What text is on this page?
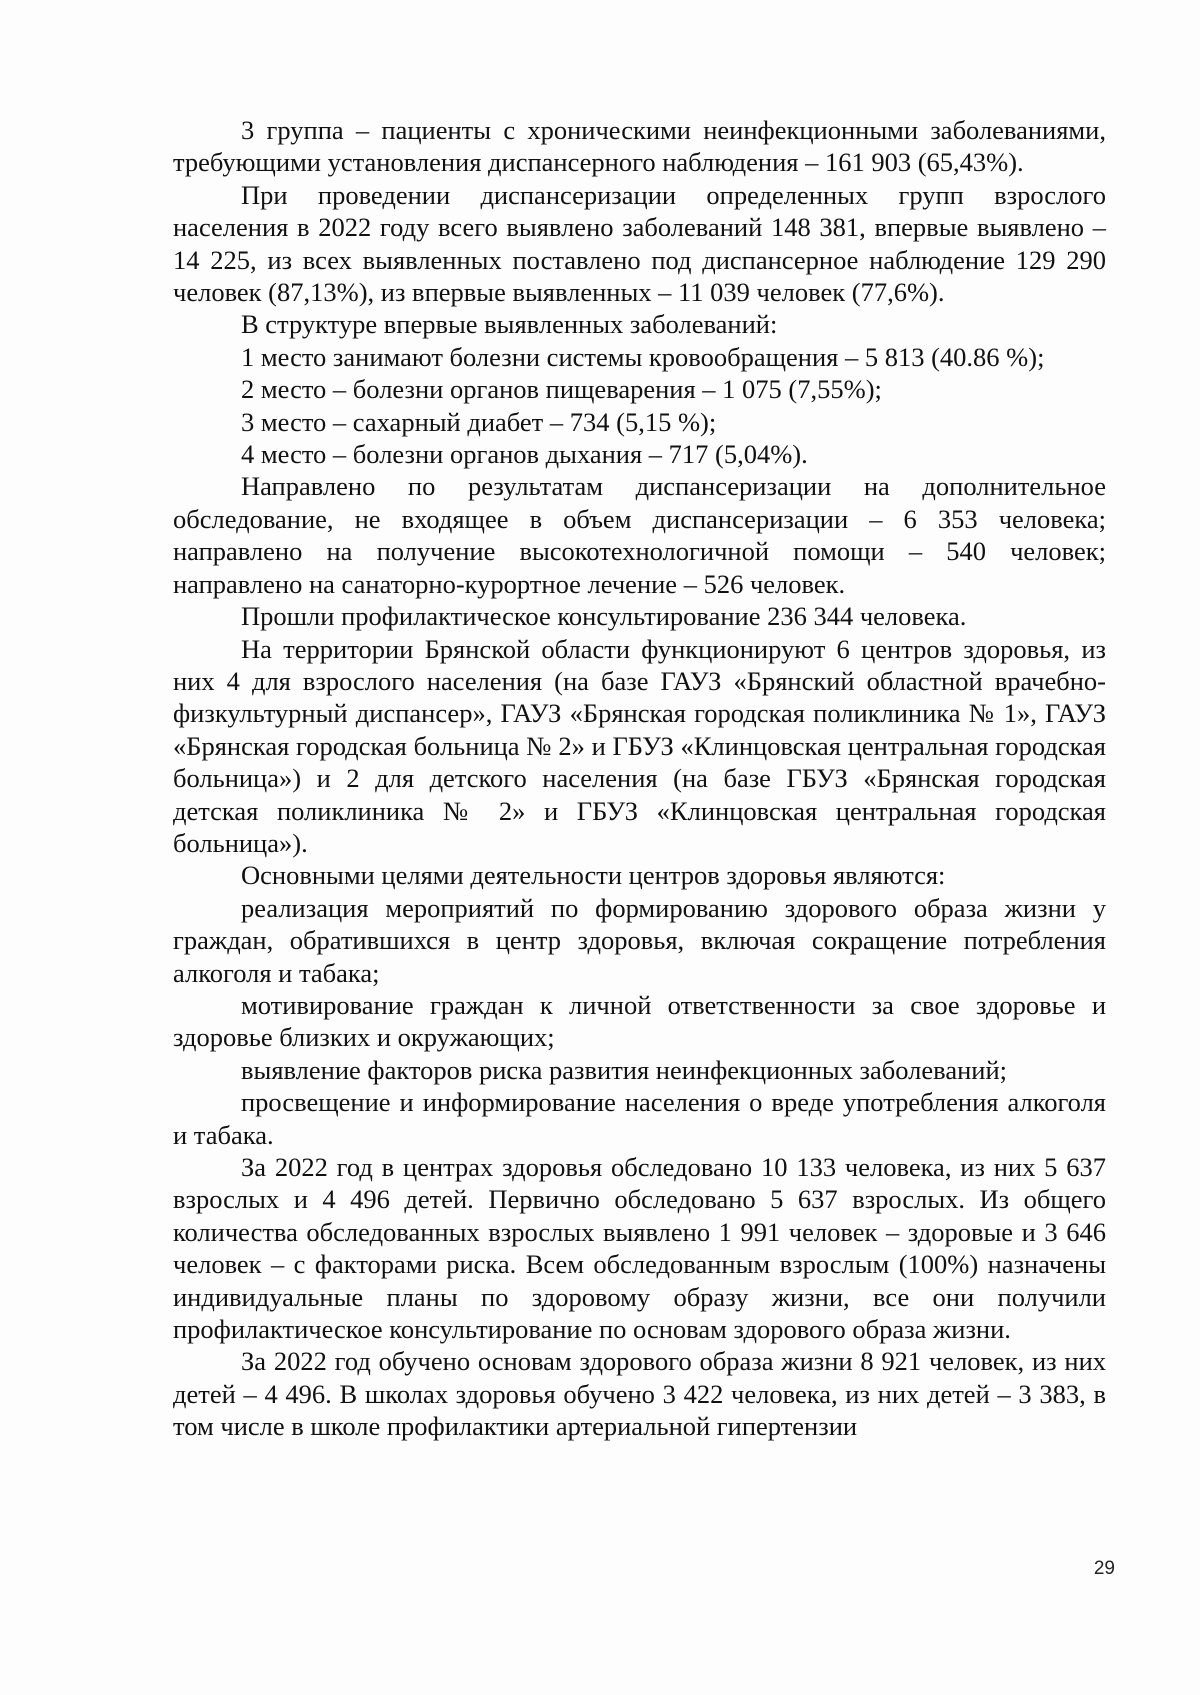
3 группа – пациенты с хроническими неинфекционными заболеваниями, требующими установления диспансерного наблюдения – 161 903 (65,43%).

При проведении диспансеризации определенных групп взрослого населения в 2022 году всего выявлено заболеваний 148 381, впервые выявлено – 14 225, из всех выявленных поставлено под диспансерное наблюдение 129 290 человек (87,13%), из впервые выявленных – 11 039 человек (77,6%).

В структуре впервые выявленных заболеваний:

1 место занимают болезни системы кровообращения – 5 813 (40.86 %);

2 место – болезни органов пищеварения – 1 075 (7,55%);

3 место – сахарный диабет – 734 (5,15 %);

4 место – болезни органов дыхания – 717 (5,04%).

Направлено по результатам диспансеризации на дополнительное обследование, не входящее в объем диспансеризации – 6 353 человека; направлено на получение высокотехнологичной помощи – 540 человек; направлено на санаторно-курортное лечение – 526 человек.

Прошли профилактическое консультирование 236 344 человека.

На территории Брянской области функционируют 6 центров здоровья, из них 4 для взрослого населения (на базе ГАУЗ «Брянский областной врачебно-физкультурный диспансер», ГАУЗ «Брянская городская поликлиника № 1», ГАУЗ «Брянская городская больница № 2» и ГБУЗ «Клинцовская центральная городская больница») и 2 для детского населения (на базе ГБУЗ «Брянская городская детская поликлиника № 2» и ГБУЗ «Клинцовская центральная городская больница»).

Основными целями деятельности центров здоровья являются:

реализация мероприятий по формированию здорового образа жизни у граждан, обратившихся в центр здоровья, включая сокращение потребления алкоголя и табака;

мотивирование граждан к личной ответственности за свое здоровье и здоровье близких и окружающих;

выявление факторов риска развития неинфекционных заболеваний;

просвещение и информирование населения о вреде употребления алкоголя и табака.

За 2022 год в центрах здоровья обследовано 10 133 человека, из них 5 637 взрослых и 4 496 детей. Первично обследовано 5 637 взрослых. Из общего количества обследованных взрослых выявлено 1 991 человек – здоровые и 3 646 человек – с факторами риска. Всем обследованным взрослым (100%) назначены индивидуальные планы по здоровому образу жизни, все они получили профилактическое консультирование по основам здорового образа жизни.

За 2022 год обучено основам здорового образа жизни 8 921 человек, из них детей – 4 496. В школах здоровья обучено 3 422 человека, из них детей – 3 383, в том числе в школе профилактики артериальной гипертензии

29
